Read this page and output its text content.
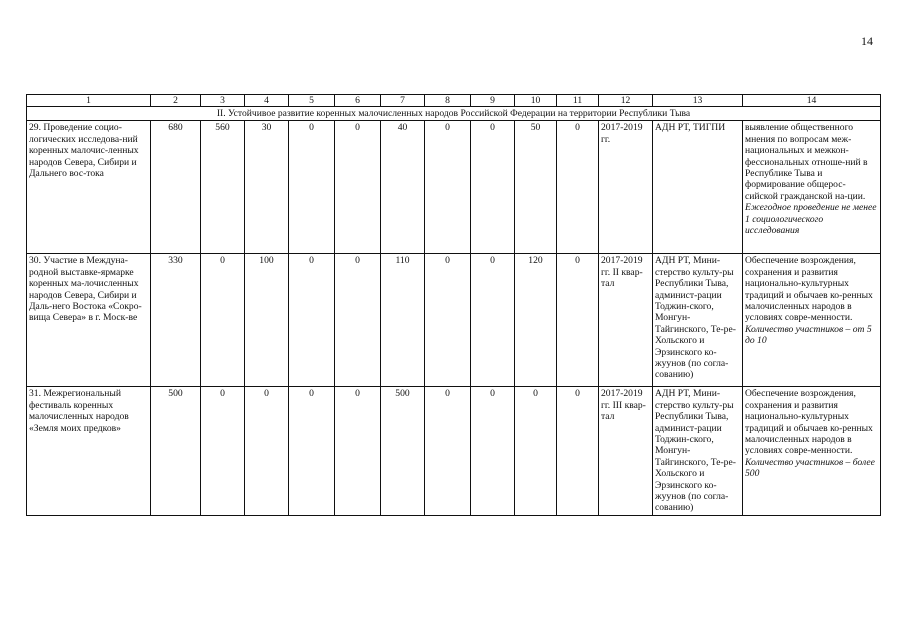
14
1	2	3	4	5	6	7	8	9	10	11	12	13	14
II. Устойчивое развитие коренных малочисленных народов Российской Федерации на территории Республики Тыва													
29. Проведение социо-логических исследова-ний коренных малочис-ленных народов Севера, Сибири и Дальнего вос-тока	680	560	30	0	0	40	0	0	50	0	2017-2019 гг.	АДН РТ, ТИГПИ	выявление общественного мнения по вопросам меж-национальных и межкон-фессиональных отноше-ний в Республике Тыва и формирование общерос-сийской гражданской на-ции.
Ежегодное проведение не менее 1 социологического исследования

30. Участие в Междуна-родной выставке-ярмарке коренных ма-лочисленных народов Севера, Сибири и Даль-него Востока «Сокро-вища Севера» в г. Моск-ве	330	0	100	0	0	110	0	0	120	0	2017-2019 гг. II квар-тал	АДН РТ, Мини-стерство культу-ры Республики Тыва, админист-рации Тоджин-ского, Монгун-Тайгинского, Те-ре-Хольского и Эрзинского ко-жуунов (по согла-сованию)	Обеспечение возрождения, сохранения и развития национально-культурных традиций и обычаев ко-ренных малочисленных народов в условиях совре-менности.
Количество участников – от 5 до 10

31. Межрегиональный фестиваль коренных малочисленных народов «Земля моих предков»	500	0	0	0	0	500	0	0	0	0	2017-2019 гг. III квар-тал	АДН РТ, Мини-стерство культу-ры Республики Тыва, админист-рации Тоджин-ского, Монгун-Тайгинского, Те-ре-Хольского и Эрзинского ко-жуунов (по согла-сованию)	Обеспечение возрождения, сохранения и развития национально-культурных традиций и обычаев ко-ренных малочисленных народов в условиях совре-менности. Количество участников – более 500
